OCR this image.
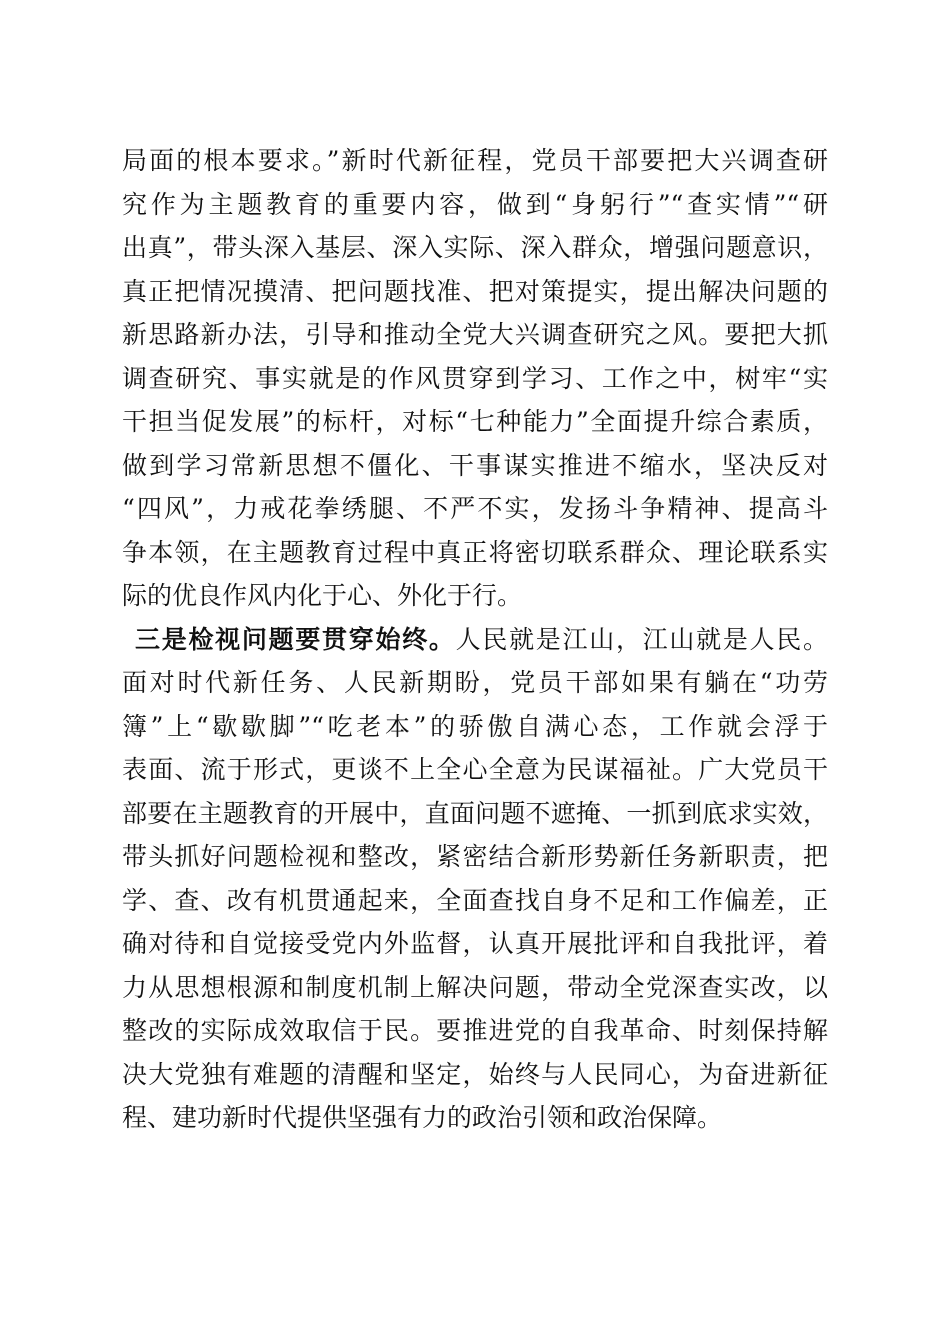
局面的根本要求。”新时代新征程，党员干部要把大兴调查研
究作为主题教育的重要内容，做到“身躬行”“查实情”“研
出真”，带头深入基层、深入实际、深入群众，增强问题意识，
真正把情况摸清、把问题找准、把对策提实，提出解决问题的
新思路新办法，引导和推动全党大兴调查研究之风。要把大抓
调查研究、事实就是的作风贯穿到学习、工作之中，树牢“实
干担当促发展”的标杆，对标“七种能力”全面提升综合素质，
做到学习常新思想不僵化、干事谋实推进不缩水，坚决反对
“四风”，力戒花拳绣腿、不严不实，发扬斗争精神、提高斗
争本领，在主题教育过程中真正将密切联系群众、理论联系实
际的优良作风内化于心、外化于行。
三是检视问题要贯穿始终。人民就是江山，江山就是人民。
面对时代新任务、人民新期盼，党员干部如果有躺在“功劳
簿”上“歇歇脚”“吃老本”的骄傲自满心态，工作就会浮于
表面、流于形式，更谈不上全心全意为民谋福祉。广大党员干
部要在主题教育的开展中，直面问题不遮掩、一抓到底求实效，
带头抓好问题检视和整改，紧密结合新形势新任务新职责，把
学、查、改有机贯通起来，全面查找自身不足和工作偏差，正
确对待和自觉接受党内外监督，认真开展批评和自我批评，着
力从思想根源和制度机制上解决问题，带动全党深查实改，以
整改的实际成效取信于民。要推进党的自我革命、时刻保持解
决大党独有难题的清醒和坚定，始终与人民同心，为奋进新征
程、建功新时代提供坚强有力的政治引领和政治保障。
